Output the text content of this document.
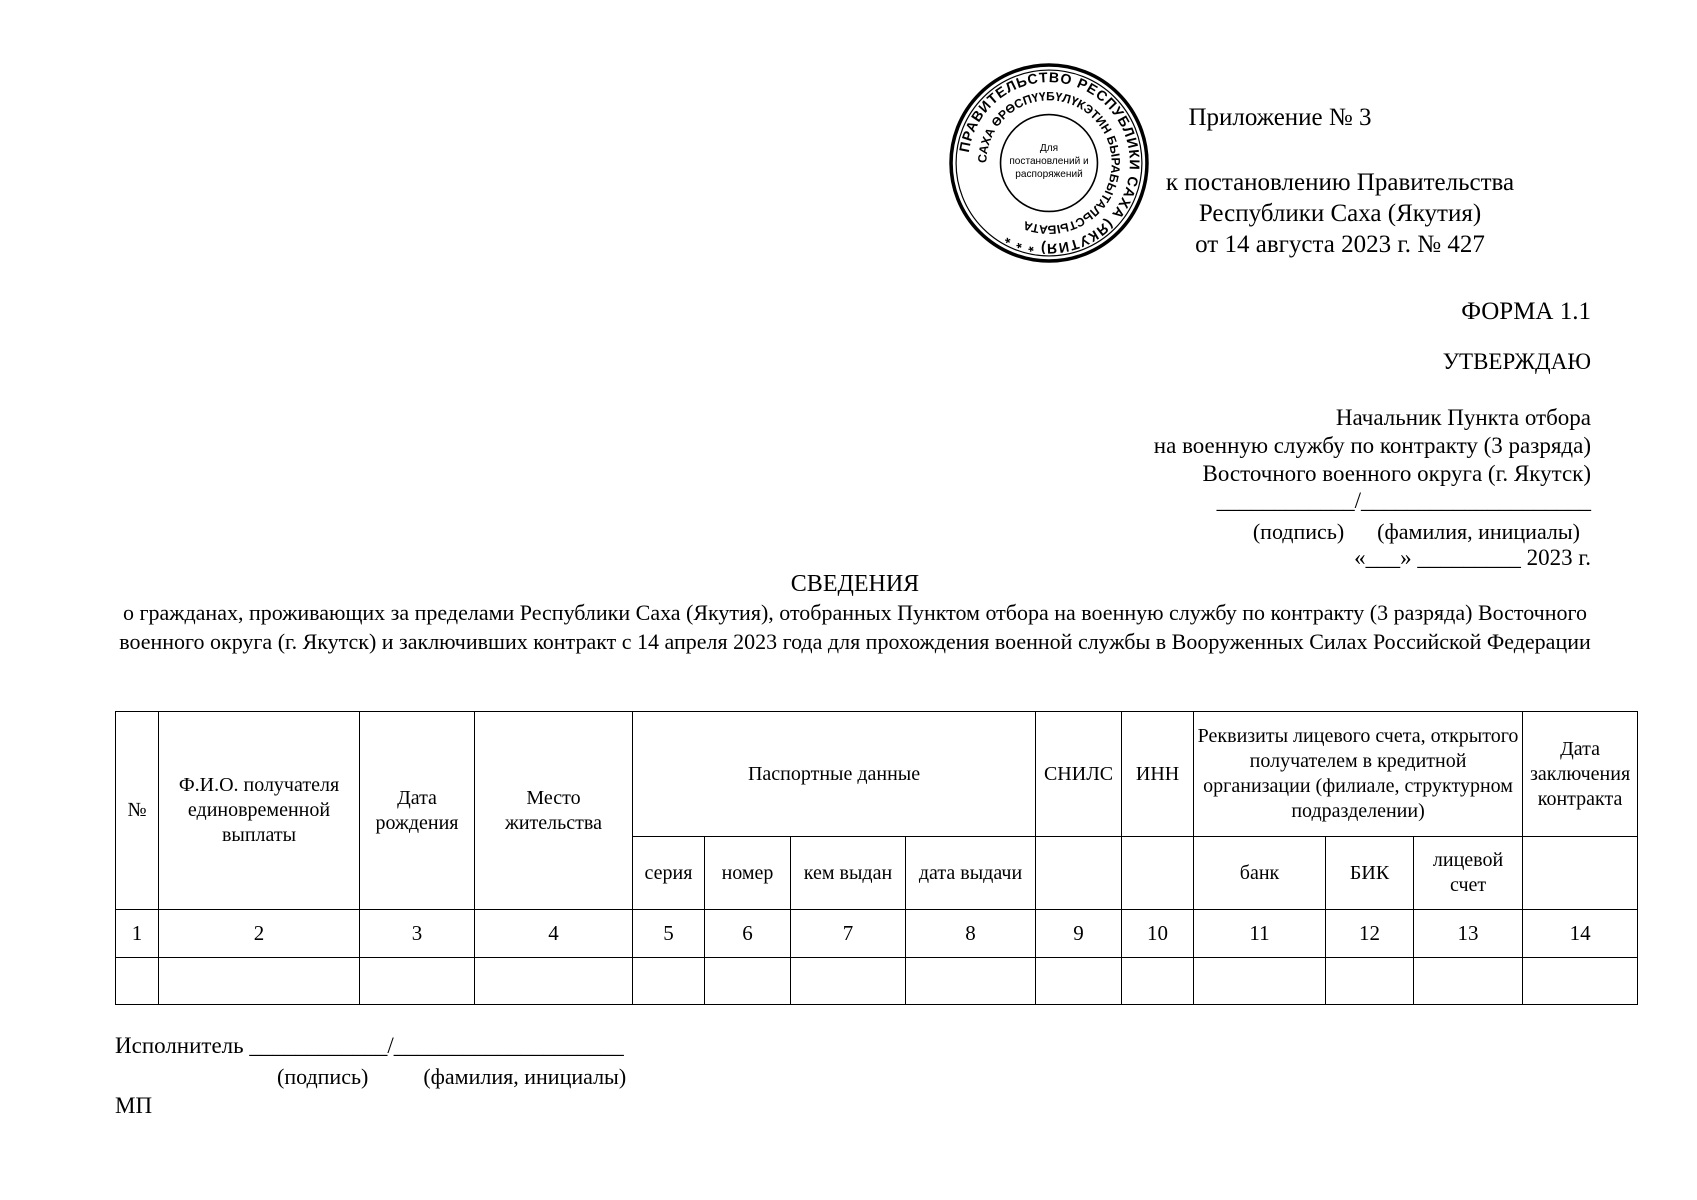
ПРАВИТЕЛЬСТВО РЕСПУБЛИКИ САХА (ЯКУТИЯ) * * *
САХА ӨРӨСПҮҮБҮЛҮКЭТИН БЫРАБЫТАЛЬСТЫБАТА
Для
постановлений и
распоряжений
Приложение № 3
к постановлению Правительства
Республики Саха (Якутия)
от 14 августа 2023 г. № 427
ФОРМА 1.1
УТВЕРЖДАЮ
Начальник Пункта отбора
на военную службу по контракту (3 разряда)
Восточного военного округа (г. Якутск)
____________/____________________
(подпись)      (фамилия, инициалы)
«___» _________ 2023 г.
СВЕДЕНИЯ
о гражданах, проживающих за пределами Республики Саха (Якутия), отобранных Пунктом отбора на военную службу по контракту (3 разряда) Восточного военного округа (г. Якутск) и заключивших контракт с 14 апреля 2023 года для прохождения военной службы в Вооруженных Силах Российской Федерации
№	Ф.И.О. получателя единовременной выплаты	Дата рождения	Место жительства	Паспортные данные				СНИЛС	ИНН	Реквизиты лицевого счета, открытого получателем в кредитной организации (филиале, структурном подразделении)			Дата заключения контракта
				серия	номер	кем выдан	дата выдачи			банк	БИК	лицевой счет	
1	2	3	4	5	6	7	8	9	10	11	12	13	14

Исполнитель ____________/____________________
(подпись)          (фамилия, инициалы)
МП
